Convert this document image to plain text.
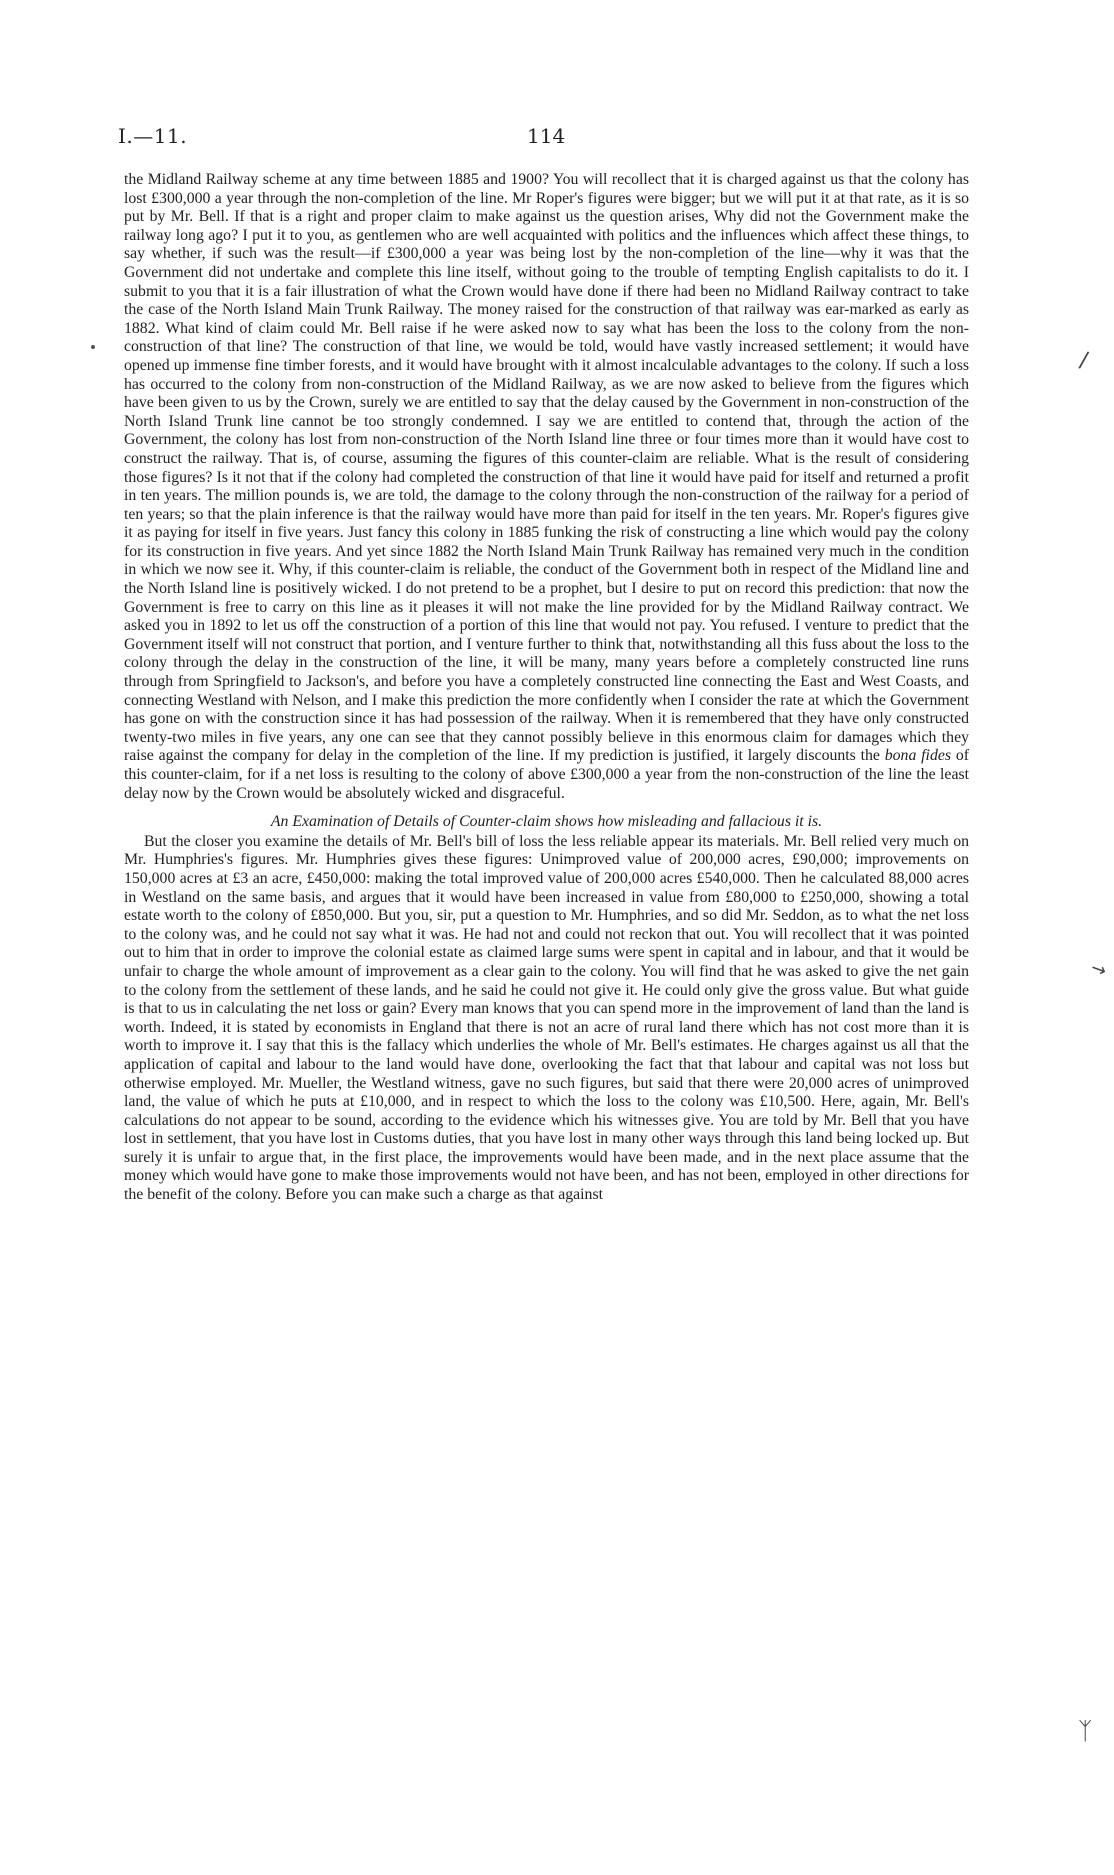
I.—11.	114
/
↘
ᛉ

the Midland Railway scheme at any time between 1885 and 1900? You will recollect that it is charged against us that the colony has lost £300,000 a year through the non-completion of the line. Mr Roper's figures were bigger; but we will put it at that rate, as it is so put by Mr. Bell. If that is a right and proper claim to make against us the question arises, Why did not the Government make the railway long ago? I put it to you, as gentlemen who are well acquainted with politics and the influences which affect these things, to say whether, if such was the result—if £300,000 a year was being lost by the non-completion of the line—why it was that the Government did not undertake and complete this line itself, without going to the trouble of tempting English capitalists to do it. I submit to you that it is a fair illustration of what the Crown would have done if there had been no Midland Railway contract to take the case of the North Island Main Trunk Railway. The money raised for the construction of that railway was ear-marked as early as 1882. What kind of claim could Mr. Bell raise if he were asked now to say what has been the loss to the colony from the non-construction of that line? The construction of that line, we would be told, would have vastly increased settlement; it would have opened up immense fine timber forests, and it would have brought with it almost incalculable advantages to the colony. If such a loss has occurred to the colony from non-construction of the Midland Railway, as we are now asked to believe from the figures which have been given to us by the Crown, surely we are entitled to say that the delay caused by the Government in non-construction of the North Island Trunk line cannot be too strongly condemned. I say we are entitled to contend that, through the action of the Government, the colony has lost from non-construction of the North Island line three or four times more than it would have cost to construct the railway. That is, of course, assuming the figures of this counter-claim are reliable. What is the result of considering those figures? Is it not that if the colony had completed the construction of that line it would have paid for itself and returned a profit in ten years. The million pounds is, we are told, the damage to the colony through the non-construction of the railway for a period of ten years; so that the plain inference is that the railway would have more than paid for itself in the ten years. Mr. Roper's figures give it as paying for itself in five years. Just fancy this colony in 1885 funking the risk of constructing a line which would pay the colony for its construction in five years. And yet since 1882 the North Island Main Trunk Railway has remained very much in the condition in which we now see it. Why, if this counter-claim is reliable, the conduct of the Government both in respect of the Midland line and the North Island line is positively wicked. I do not pretend to be a prophet, but I desire to put on record this prediction: that now the Government is free to carry on this line as it pleases it will not make the line provided for by the Midland Railway contract. We asked you in 1892 to let us off the construction of a portion of this line that would not pay. You refused. I venture to predict that the Government itself will not construct that portion, and I venture further to think that, notwithstanding all this fuss about the loss to the colony through the delay in the construction of the line, it will be many, many years before a completely constructed line runs through from Springfield to Jackson's, and before you have a completely constructed line connecting the East and West Coasts, and connecting Westland with Nelson, and I make this prediction the more confidently when I consider the rate at which the Government has gone on with the construction since it has had possession of the railway. When it is remembered that they have only constructed twenty-two miles in five years, any one can see that they cannot possibly believe in this enormous claim for damages which they raise against the company for delay in the completion of the line. If my prediction is justified, it largely discounts the bona fides of this counter-claim, for if a net loss is resulting to the colony of above £300,000 a year from the non-construction of the line the least delay now by the Crown would be absolutely wicked and disgraceful.

An Examination of Details of Counter-claim shows how misleading and fallacious it is.

But the closer you examine the details of Mr. Bell's bill of loss the less reliable appear its materials. Mr. Bell relied very much on Mr. Humphries's figures. Mr. Humphries gives these figures: Unimproved value of 200,000 acres, £90,000; improvements on 150,000 acres at £3 an acre, £450,000: making the total improved value of 200,000 acres £540,000. Then he calculated 88,000 acres in Westland on the same basis, and argues that it would have been increased in value from £80,000 to £250,000, showing a total estate worth to the colony of £850,000. But you, sir, put a question to Mr. Humphries, and so did Mr. Seddon, as to what the net loss to the colony was, and he could not say what it was. He had not and could not reckon that out. You will recollect that it was pointed out to him that in order to improve the colonial estate as claimed large sums were spent in capital and in labour, and that it would be unfair to charge the whole amount of improvement as a clear gain to the colony. You will find that he was asked to give the net gain to the colony from the settlement of these lands, and he said he could not give it. He could only give the gross value. But what guide is that to us in calculating the net loss or gain? Every man knows that you can spend more in the improvement of land than the land is worth. Indeed, it is stated by economists in England that there is not an acre of rural land there which has not cost more than it is worth to improve it. I say that this is the fallacy which underlies the whole of Mr. Bell's estimates. He charges against us all that the application of capital and labour to the land would have done, overlooking the fact that that labour and capital was not loss but otherwise employed. Mr. Mueller, the Westland witness, gave no such figures, but said that there were 20,000 acres of unimproved land, the value of which he puts at £10,000, and in respect to which the loss to the colony was £10,500. Here, again, Mr. Bell's calculations do not appear to be sound, according to the evidence which his witnesses give. You are told by Mr. Bell that you have lost in settlement, that you have lost in Customs duties, that you have lost in many other ways through this land being locked up. But surely it is unfair to argue that, in the first place, the improvements would have been made, and in the next place assume that the money which would have gone to make those improvements would not have been, and has not been, employed in other directions for the benefit of the colony. Before you can make such a charge as that against
